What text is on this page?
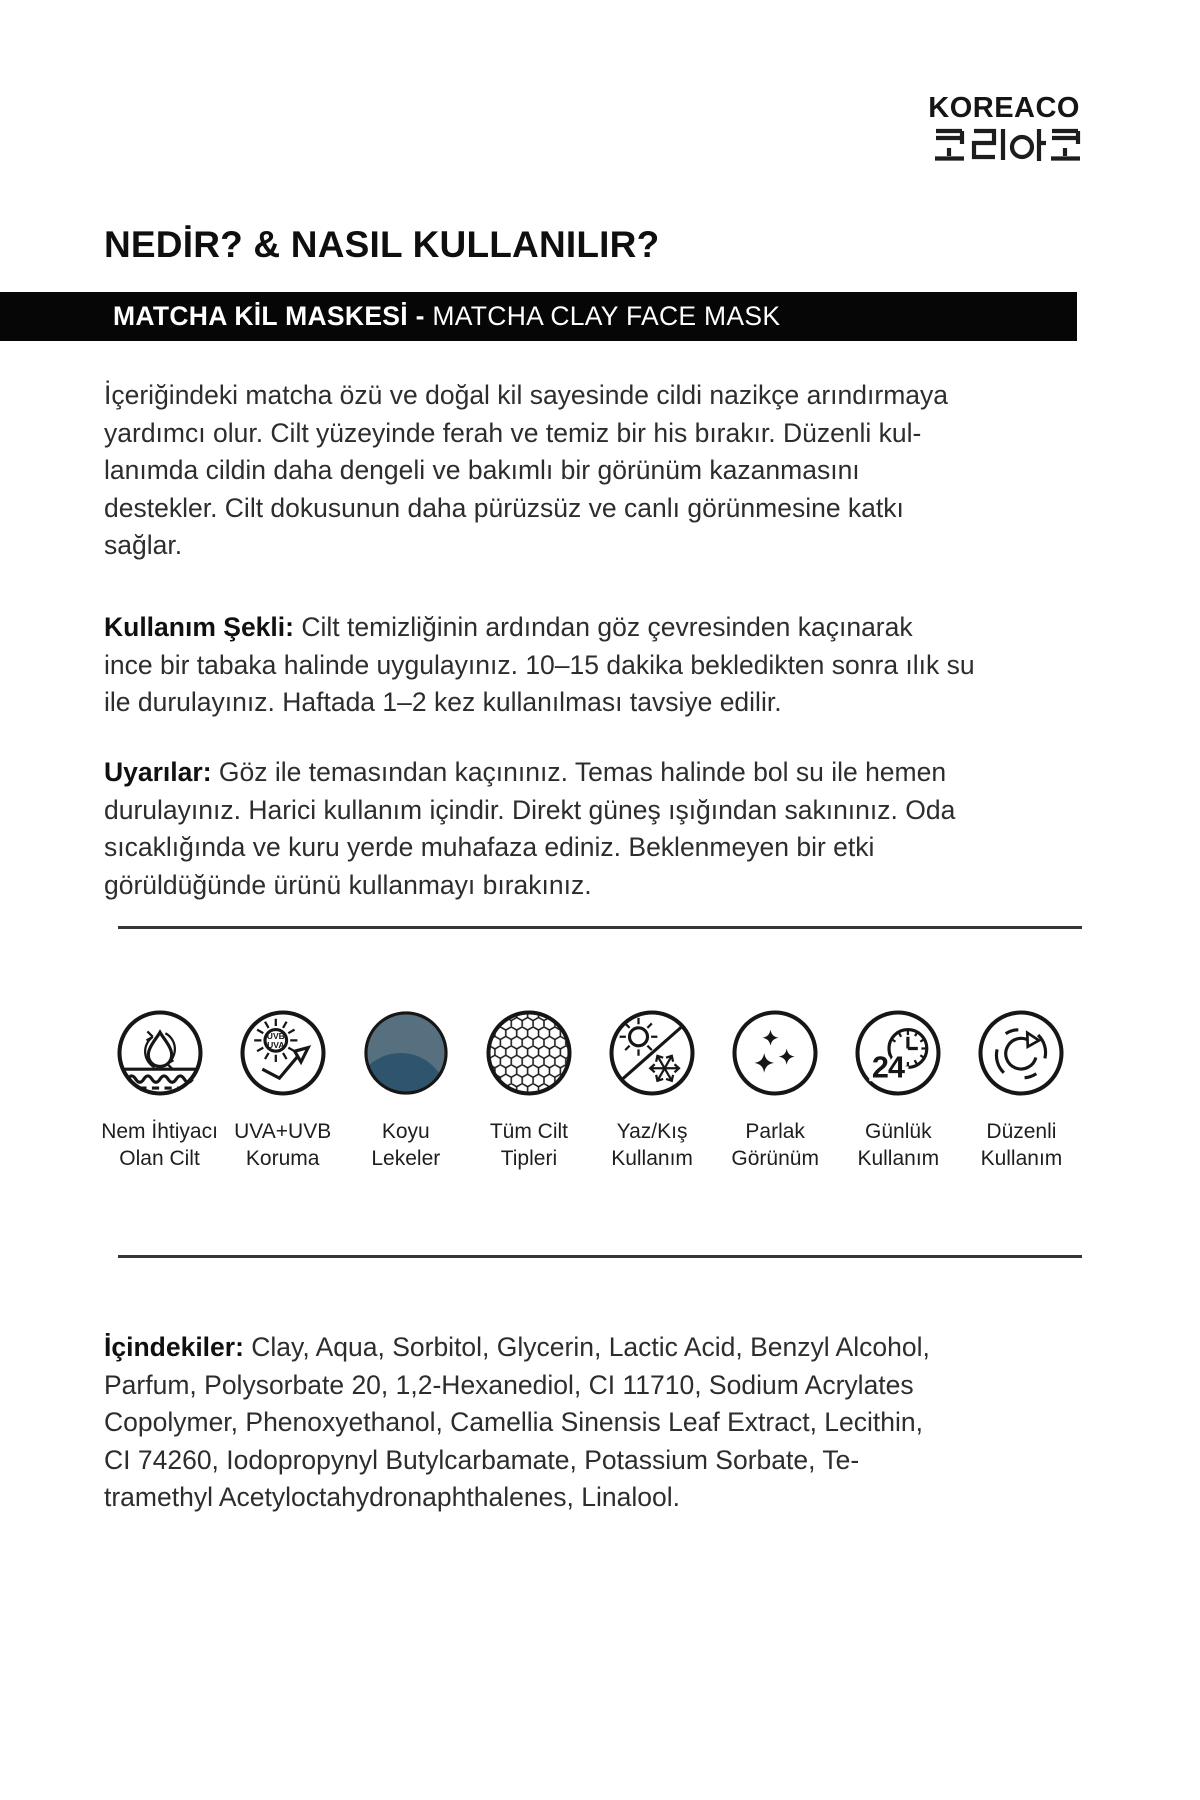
KOREACO
NEDİR? & NASIL KULLANILIR?
MATCHA KİL MASKESİ - MATCHA CLAY FACE MASK
İçeriğindeki matcha özü ve doğal kil sayesinde cildi nazikçe arındırmaya
yardımcı olur. Cilt yüzeyinde ferah ve temiz bir his bırakır. Düzenli kul-
lanımda cildin daha dengeli ve bakımlı bir görünüm kazanmasını
destekler. Cilt dokusunun daha pürüzsüz ve canlı görünmesine katkı
sağlar.
Kullanım Şekli: Cilt temizliğinin ardından göz çevresinden kaçınarak
ince bir tabaka halinde uygulayınız. 10–15 dakika bekledikten sonra ılık su
ile durulayınız. Haftada 1–2 kez kullanılması tavsiye edilir.
Uyarılar: Göz ile temasından kaçınınız. Temas halinde bol su ile hemen
durulayınız. Harici kullanım içindir. Direkt güneş ışığından sakınınız. Oda
sıcaklığında ve kuru yerde muhafaza ediniz. Beklenmeyen bir etki
görüldüğünde ürünü kullanmayı bırakınız.
Nem İhtiyacı
Olan Cilt
UVB
UVA
UVA+UVB
Koruma
Koyu
Lekeler
Tüm Cilt
Tipleri
Yaz/Kış
Kullanım
Parlak
Görünüm
24
Günlük
Kullanım
Düzenli
Kullanım
İçindekiler: Clay, Aqua, Sorbitol, Glycerin, Lactic Acid, Benzyl Alcohol,
Parfum, Polysorbate 20, 1,2-Hexanediol, CI 11710, Sodium Acrylates
Copolymer, Phenoxyethanol, Camellia Sinensis Leaf Extract, Lecithin,
CI 74260, Iodopropynyl Butylcarbamate, Potassium Sorbate, Te-
tramethyl Acetyloctahydronaphthalenes, Linalool.
